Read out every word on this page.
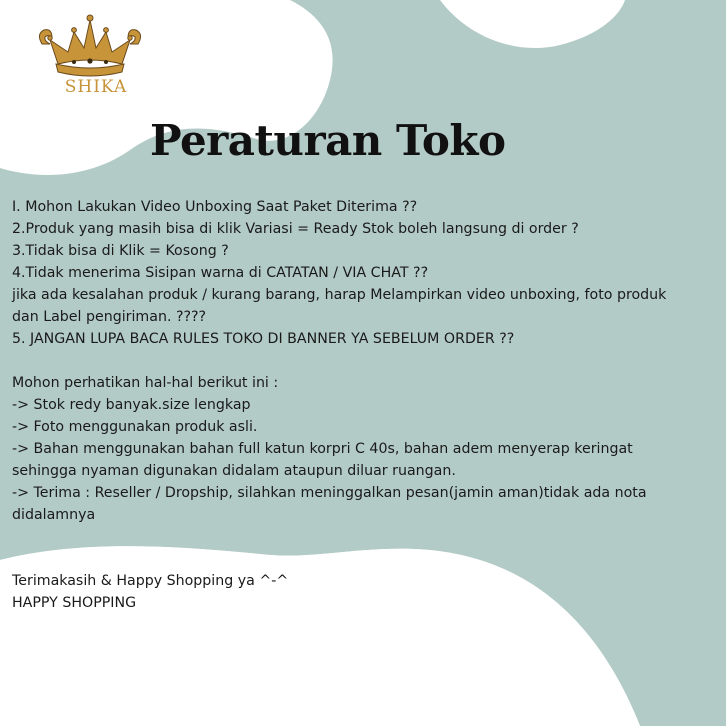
SHIKA
Peraturan Toko
I. Mohon Lakukan Video Unboxing Saat Paket Diterima ??
2.Produk yang masih bisa di klik Variasi = Ready Stok boleh langsung di order ?
3.Tidak bisa di Klik = Kosong ?
4.Tidak menerima Sisipan warna di CATATAN / VIA CHAT ??
jika ada kesalahan produk / kurang barang, harap Melampirkan video unboxing, foto produk
dan Label pengiriman. ????
5. JANGAN LUPA BACA RULES TOKO DI BANNER YA SEBELUM ORDER ??
Mohon perhatikan hal-hal berikut ini :
-> Stok redy banyak.size lengkap
-> Foto menggunakan produk asli.
-> Bahan menggunakan bahan full katun korpri C 40s, bahan adem menyerap keringat
sehingga nyaman digunakan didalam ataupun diluar ruangan.
-> Terima : Reseller / Dropship, silahkan meninggalkan pesan(jamin aman)tidak ada nota
didalamnya
Terimakasih & Happy Shopping ya ^-^
HAPPY SHOPPING
